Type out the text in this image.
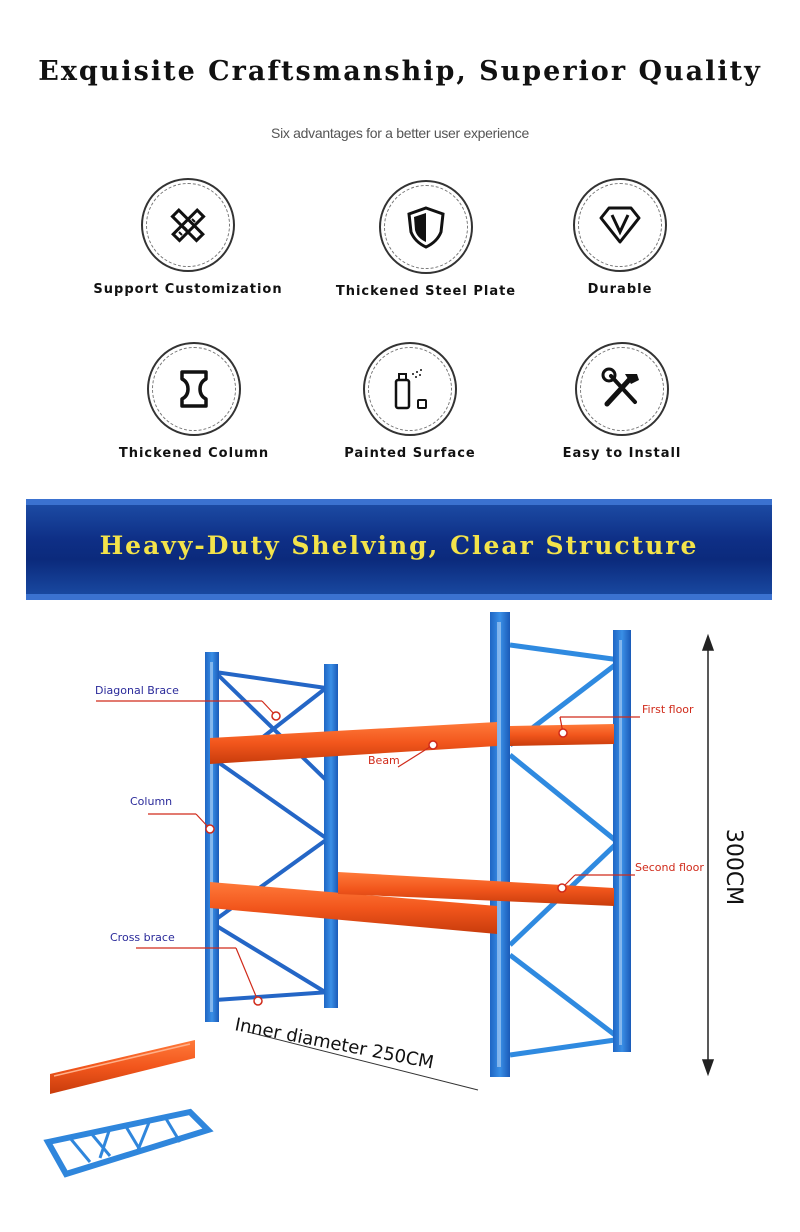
Exquisite Craftsmanship, Superior Quality
Six advantages for a better user experience
Support Customization	Thickened Steel Plate	Durable
Thickened Column	Painted Surface	Easy to Install
Heavy-Duty Shelving, Clear Structure
Diagonal Brace
Column
Cross brace
Beam
First floor
Second floor 300CM
Inner diameter 250CM
